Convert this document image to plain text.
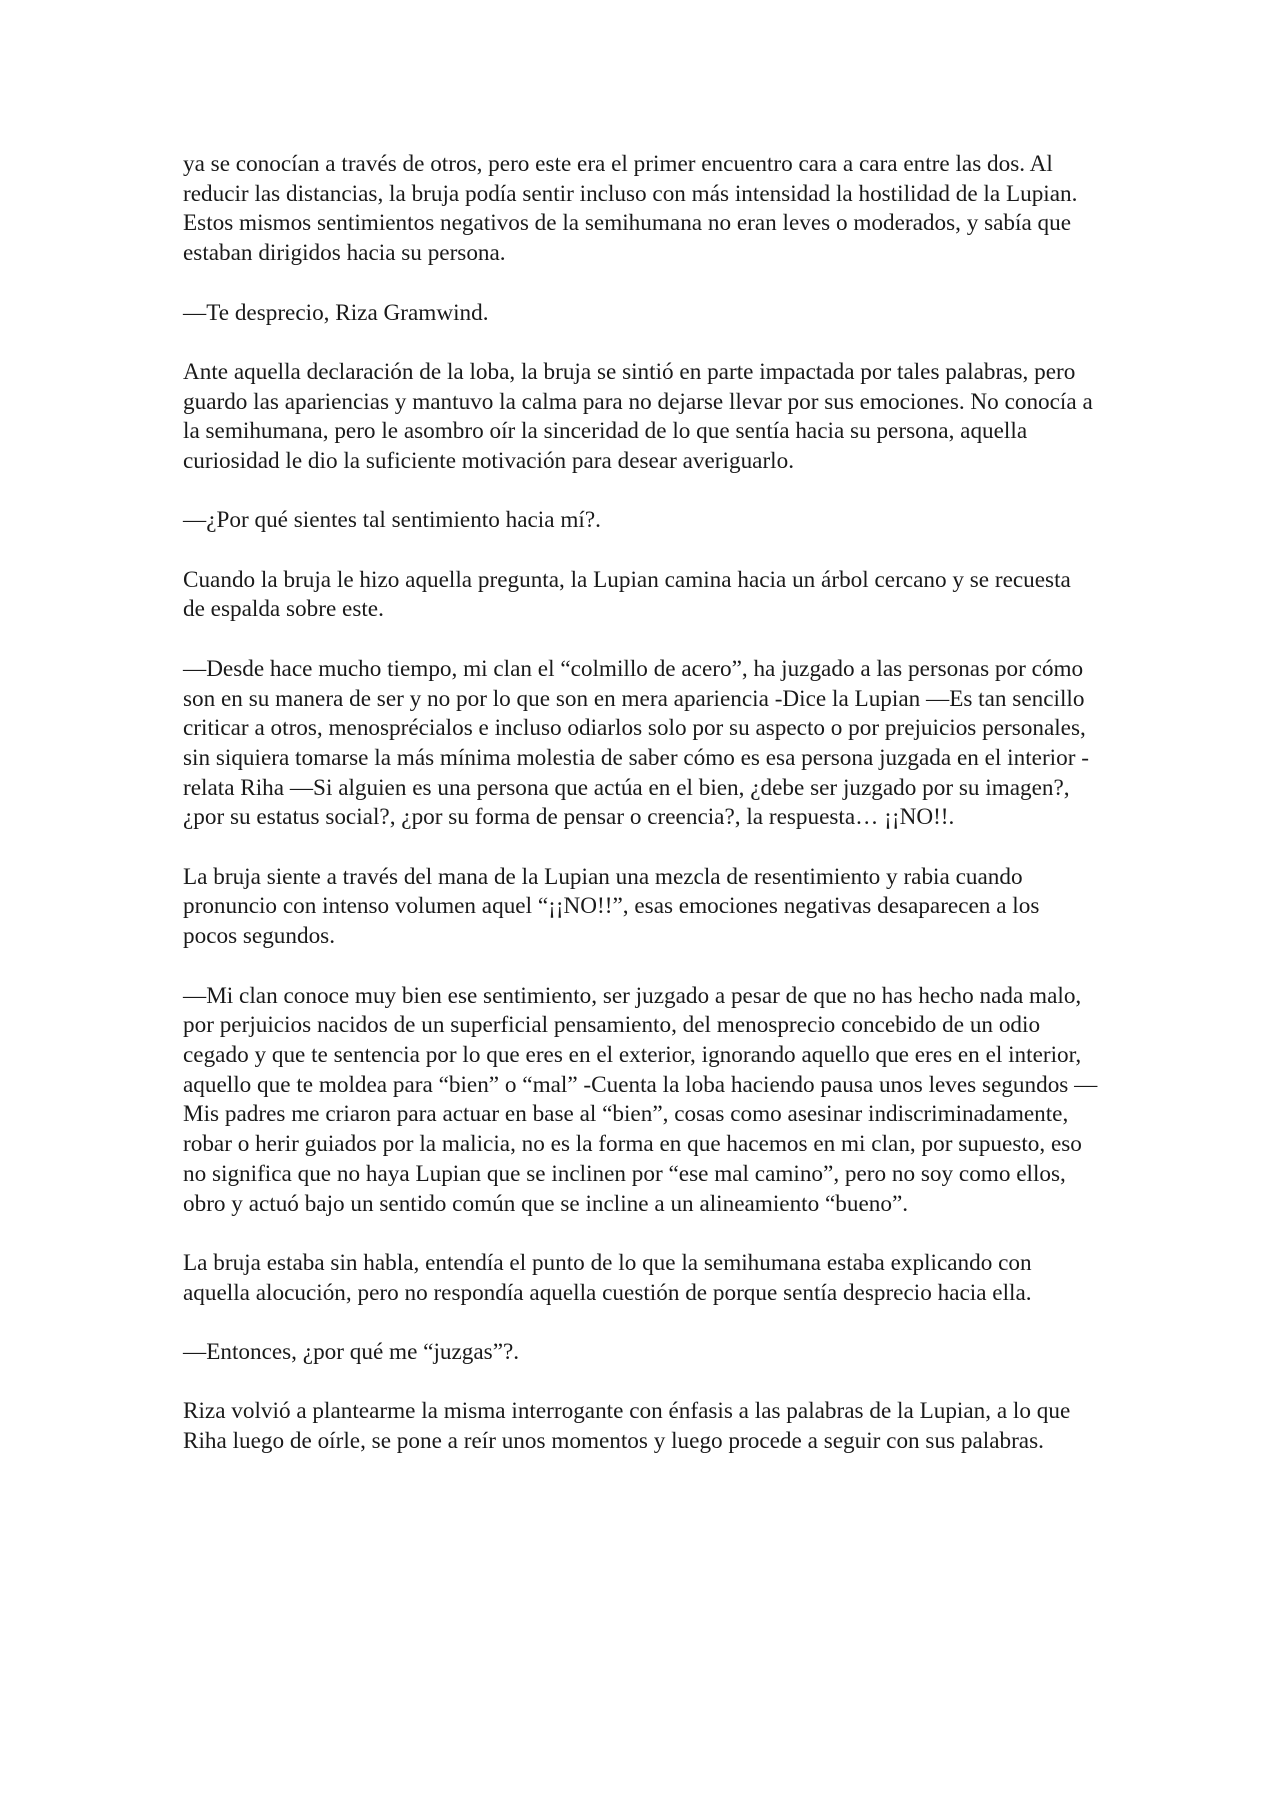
ya se conocían a través de otros, pero este era el primer encuentro cara a cara entre las dos. Al reducir las distancias, la bruja podía sentir incluso con más intensidad la hostilidad de la Lupian. Estos mismos sentimientos negativos de la semihumana no eran leves o moderados, y sabía que estaban dirigidos hacia su persona.

—Te desprecio, Riza Gramwind.

Ante aquella declaración de la loba, la bruja se sintió en parte impactada por tales palabras, pero guardo las apariencias y mantuvo la calma para no dejarse llevar por sus emociones. No conocía a la semihumana, pero le asombro oír la sinceridad de lo que sentía hacia su persona, aquella curiosidad le dio la suficiente motivación para desear averiguarlo.

—¿Por qué sientes tal sentimiento hacia mí?.

Cuando la bruja le hizo aquella pregunta, la Lupian camina hacia un árbol cercano y se recuesta de espalda sobre este.

—Desde hace mucho tiempo, mi clan el “colmillo de acero”, ha juzgado a las personas por cómo son en su manera de ser y no por lo que son en mera apariencia -Dice la Lupian —Es tan sencillo criticar a otros, menosprécialos e incluso odiarlos solo por su aspecto o por prejuicios personales, sin siquiera tomarse la más mínima molestia de saber cómo es esa persona juzgada en el interior -relata Riha —Si alguien es una persona que actúa en el bien, ¿debe ser juzgado por su imagen?, ¿por su estatus social?, ¿por su forma de pensar o creencia?, la respuesta… ¡¡NO!!.

La bruja siente a través del mana de la Lupian una mezcla de resentimiento y rabia cuando pronuncio con intenso volumen aquel “¡¡NO!!”, esas emociones negativas desaparecen a los pocos segundos.

—Mi clan conoce muy bien ese sentimiento, ser juzgado a pesar de que no has hecho nada malo, por perjuicios nacidos de un superficial pensamiento, del menosprecio concebido de un odio cegado y que te sentencia por lo que eres en el exterior, ignorando aquello que eres en el interior, aquello que te moldea para “bien” o “mal” -Cuenta la loba haciendo pausa unos leves segundos —Mis padres me criaron para actuar en base al “bien”, cosas como asesinar indiscriminadamente, robar o herir guiados por la malicia, no es la forma en que hacemos en mi clan, por supuesto, eso no significa que no haya Lupian que se inclinen por “ese mal camino”, pero no soy como ellos, obro y actuó bajo un sentido común que se incline a un alineamiento “bueno”.

La bruja estaba sin habla, entendía el punto de lo que la semihumana estaba explicando con aquella alocución, pero no respondía aquella cuestión de porque sentía desprecio hacia ella.

—Entonces, ¿por qué me “juzgas”?.

Riza volvió a plantearme la misma interrogante con énfasis a las palabras de la Lupian, a lo que Riha luego de oírle, se pone a reír unos momentos y luego procede a seguir con sus palabras.
